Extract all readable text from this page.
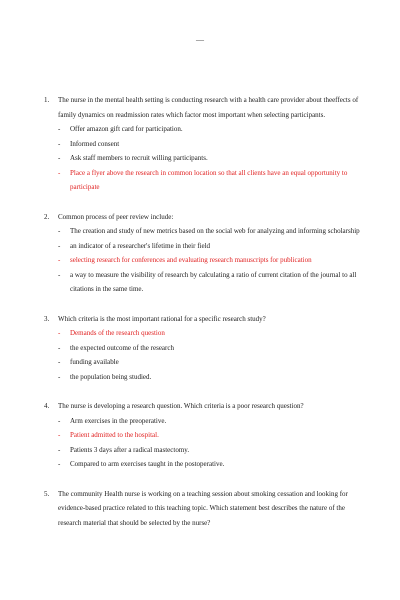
—
1.	The nurse in the mental health setting is conducting research with a health care provider about theeffects of family dynamics on readmission rates which factor most important when selecting participants.
-	Offer amazon gift card for participation.
-	Informed consent
-	Ask staff members to recruit willing participants.
-	Place a flyer above the research in common location so that all clients have an equal opportunity to participate
2.	Common process of peer review include:
-	The creation and study of new metrics based on the social web for analyzing and informing scholarship
-	an indicator of a researcher's lifetime in their field
-	selecting research for conferences and evaluating research manuscripts for publication
-	a way to measure the visibility of research by calculating a ratio of current citation of the journal to all citations in the same time.
3.	Which criteria is the most important rational for a specific research study?
-	Demands of the research question
-	the expected outcome of the research
-	funding available
-	the population being studied.
4.	The nurse is developing a research question. Which criteria is a poor research question?
-	Arm exercises in the preoperative.
-	Patient admitted to the hospital.
-	Patients 3 days after a radical mastectomy.
-	Compared to arm exercises taught in the postoperative.
5.	The community Health nurse is working on a teaching session about smoking cessation and looking for evidence-based practice related to this teaching topic. Which statement best describes the nature of the research material that should be selected by the nurse?
